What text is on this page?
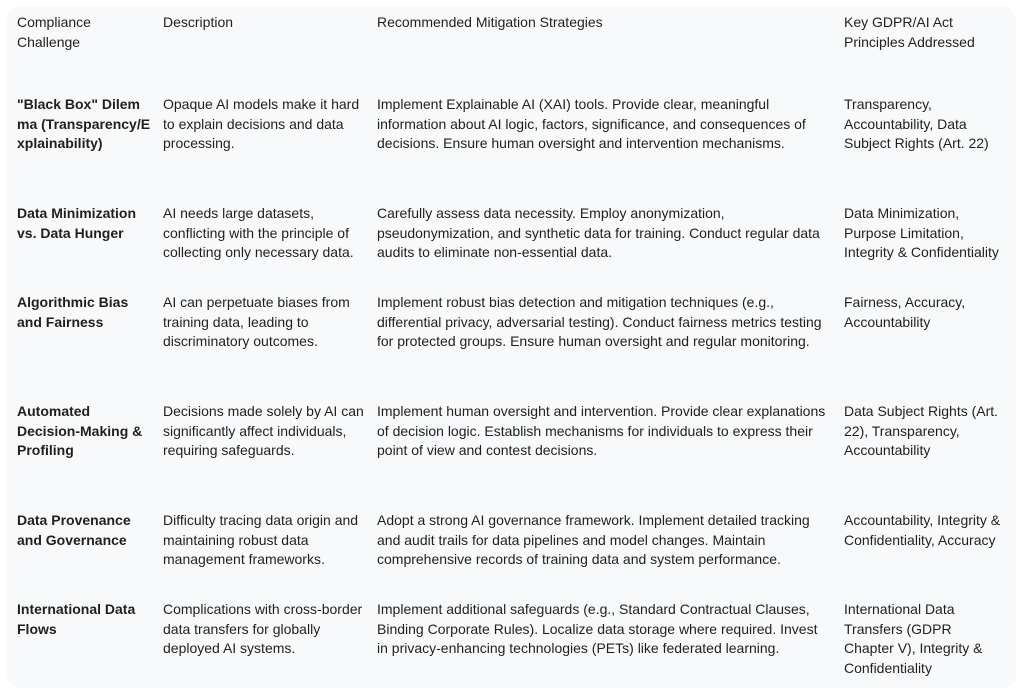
Compliance Challenge	Description	Recommended Mitigation Strategies	Key GDPR/AI Act Principles Addressed
"Black Box" Dilemma (Transparency/Explainability)	Opaque AI models make it hard to explain decisions and data processing.	Implement Explainable AI (XAI) tools. Provide clear, meaningful information about AI logic, factors, significance, and consequences of decisions. Ensure human oversight and intervention mechanisms.	Transparency, Accountability, Data Subject Rights (Art. 22)
Data Minimization vs. Data Hunger	AI needs large datasets, conflicting with the principle of collecting only necessary data.	Carefully assess data necessity. Employ anonymization, pseudonymization, and synthetic data for training. Conduct regular data audits to eliminate non-essential data.	Data Minimization, Purpose Limitation, Integrity & Confidentiality
Algorithmic Bias and Fairness	AI can perpetuate biases from training data, leading to discriminatory outcomes.	Implement robust bias detection and mitigation techniques (e.g., differential privacy, adversarial testing). Conduct fairness metrics testing for protected groups. Ensure human oversight and regular monitoring.	Fairness, Accuracy, Accountability
Automated Decision-Making & Profiling	Decisions made solely by AI can significantly affect individuals, requiring safeguards.	Implement human oversight and intervention. Provide clear explanations of decision logic. Establish mechanisms for individuals to express their point of view and contest decisions.	Data Subject Rights (Art. 22), Transparency, Accountability
Data Provenance and Governance	Difficulty tracing data origin and maintaining robust data management frameworks.	Adopt a strong AI governance framework. Implement detailed tracking and audit trails for data pipelines and model changes. Maintain comprehensive records of training data and system performance.	Accountability, Integrity & Confidentiality, Accuracy
International Data Flows	Complications with cross-border data transfers for globally deployed AI systems.	Implement additional safeguards (e.g., Standard Contractual Clauses, Binding Corporate Rules). Localize data storage where required. Invest in privacy-enhancing technologies (PETs) like federated learning.	International Data Transfers (GDPR Chapter V), Integrity & Confidentiality
